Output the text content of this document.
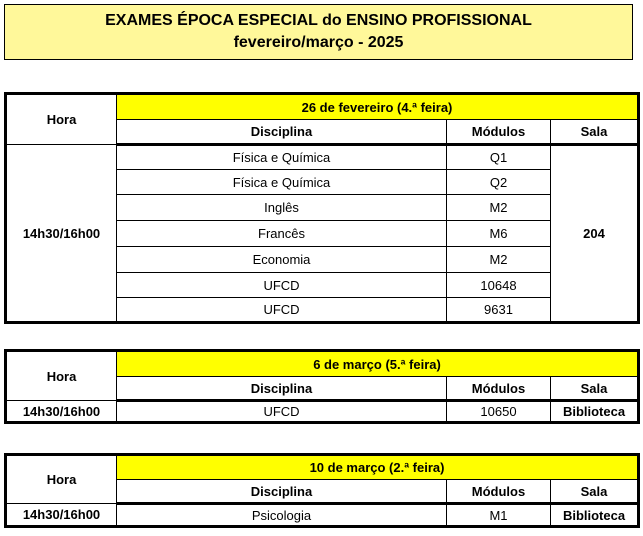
EXAMES ÉPOCA ESPECIAL do ENSINO PROFISSIONAL
fevereiro/março - 2025
Hora	26 de fevereiro (4.ª feira)		
	Disciplina	Módulos	Sala
14h30/16h00	Física e Química	Q1	204
	Física e Química	Q2	
	Inglês	M2	
	Francês	M6	
	Economia	M2	
	UFCD	10648	
	UFCD	9631	
Hora	6 de março (5.ª feira)		
	Disciplina	Módulos	Sala
14h30/16h00	UFCD	10650	Biblioteca
Hora	10 de março (2.ª feira)		
	Disciplina	Módulos	Sala
14h30/16h00	Psicologia	M1	Biblioteca
